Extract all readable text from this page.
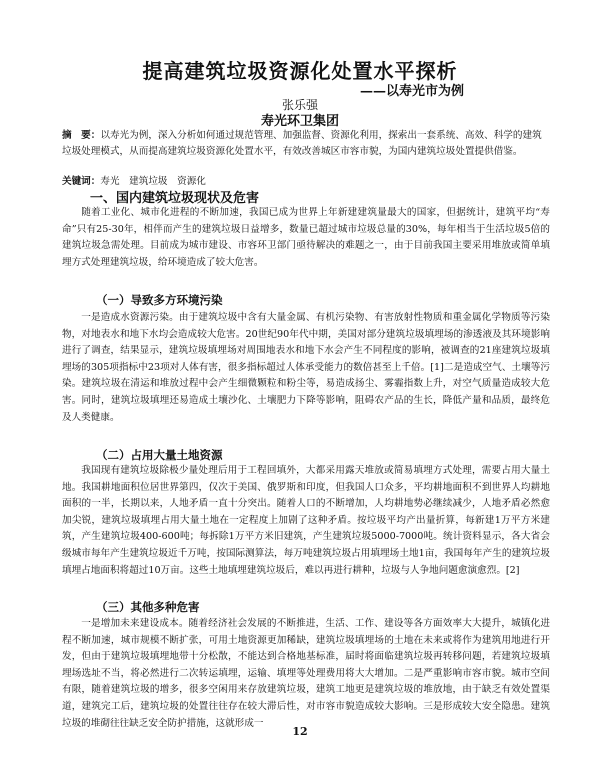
提高建筑垃圾资源化处置水平探析
——以寿光市为例
张乐强
寿光环卫集团
摘　要：以寿光为例，深入分析如何通过规范管理、加强监督、资源化利用，探索出一套系统、高效、科学的建筑垃圾处理模式，从而提高建筑垃圾资源化处置水平，有效改善城区市容市貌，为国内建筑垃圾处置提供借鉴。
关键词：寿光　建筑垃圾　资源化
一、国内建筑垃圾现状及危害

随着工业化、城市化进程的不断加速，我国已成为世界上年新建建筑量最大的国家，但据统计，建筑平均“寿命”只有25-30年，相伴而产生的建筑垃圾日益增多，数量已超过城市垃圾总量的30%，每年相当于生活垃圾5倍的建筑垃圾急需处理。目前成为城市建设、市容环卫部门亟待解决的难题之一，由于目前我国主要采用堆放或简单填埋方式处理建筑垃圾，给环境造成了较大危害。

（一）导致多方环境污染

一是造成水资源污染。由于建筑垃圾中含有大量金属、有机污染物、有害放射性物质和重金属化学物质等污染物，对地表水和地下水均会造成较大危害。20世纪90年代中期，美国对部分建筑垃圾填埋场的渗透液及其环境影响进行了调查，结果显示，建筑垃圾填埋场对周围地表水和地下水会产生不同程度的影响，被调查的21座建筑垃圾填埋场的305项指标中23项对人体有害，很多指标超过人体承受能力的数倍甚至上千倍。[1]二是造成空气、土壤等污染。建筑垃圾在清运和堆放过程中会产生细微颗粒和粉尘等，易造成扬尘、雾霾指数上升，对空气质量造成较大危害。同时，建筑垃圾填埋还易造成土壤沙化、土壤肥力下降等影响，阻碍农产品的生长，降低产量和品质，最终危及人类健康。

（二）占用大量土地资源

我国现有建筑垃圾除极少量处理后用于工程回填外，大都采用露天堆放或简易填埋方式处理，需要占用大量土地。我国耕地面积位居世界第四，仅次于美国、俄罗斯和印度，但我国人口众多，平均耕地面积不到世界人均耕地面积的一半，长期以来，人地矛盾一直十分突出。随着人口的不断增加，人均耕地势必继续减少，人地矛盾必然愈加尖锐，建筑垃圾填埋占用大量土地在一定程度上加剧了这种矛盾。按垃圾平均产出量折算，每新建1万平方米建筑，产生建筑垃圾400-600吨；每拆除1万平方米旧建筑，产生建筑垃圾5000-7000吨。统计资料显示，各大省会级城市每年产生建筑垃圾近千万吨，按国际测算法，每万吨建筑垃圾占用填埋场土地1亩，我国每年产生的建筑垃圾填埋占地面积将超过10万亩。这些土地填埋建筑垃圾后，难以再进行耕种，垃圾与人争地问题愈演愈烈。[2]

（三）其他多种危害

一是增加未来建设成本。随着经济社会发展的不断推进，生活、工作、建设等各方面效率大大提升，城镇化进程不断加速，城市规模不断扩张，可用土地资源更加稀缺，建筑垃圾填埋场的土地在未来或将作为建筑用地进行开发，但由于建筑垃圾填埋地带十分松散，不能达到合格地基标准，届时将面临建筑垃圾再转移问题，若建筑垃圾填埋场选址不当，将必然进行二次转运填埋，运输、填埋等处理费用将大大增加。二是严重影响市容市貌。城市空间有限，随着建筑垃圾的增多，很多空闲用来存放建筑垃圾，建筑工地更是建筑垃圾的堆放地，由于缺乏有效处置渠道，建筑完工后，建筑垃圾的处置往往存在较大滞后性，对市容市貌造成较大影响。三是形成较大安全隐患。建筑垃圾的堆砌往往缺乏安全防护措施，这就形成一

12
